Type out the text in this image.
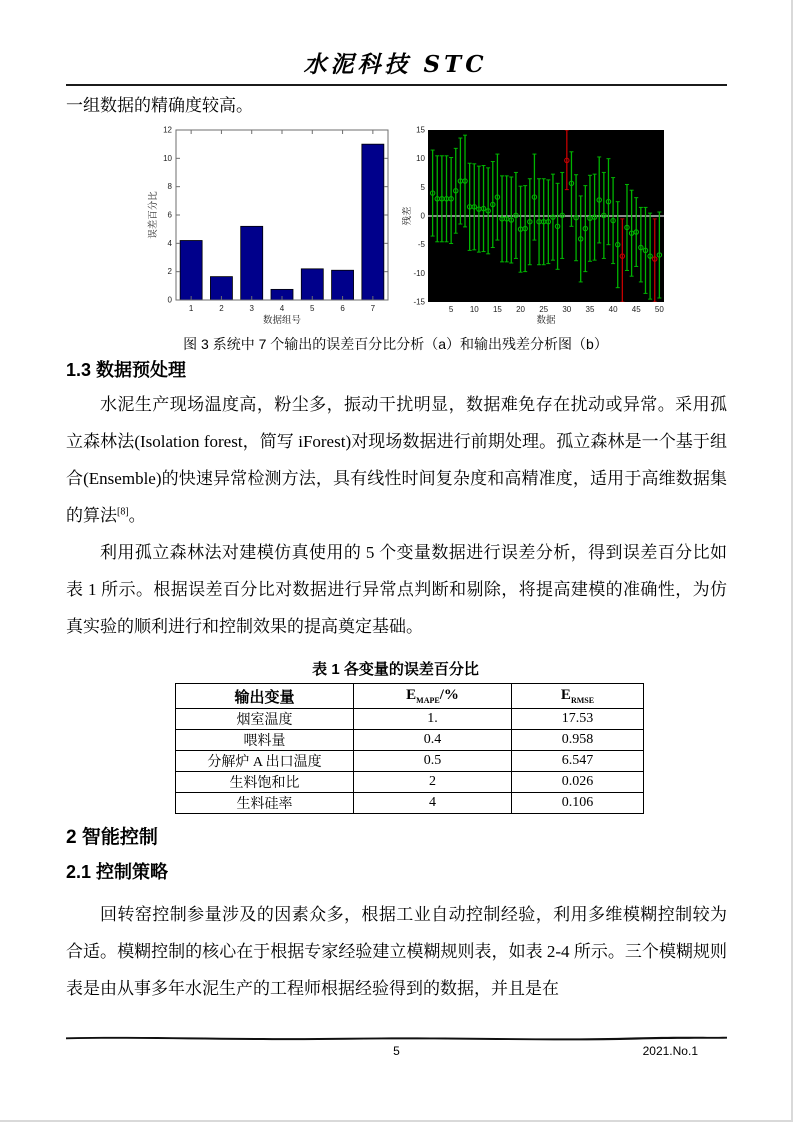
水泥科技 STC
一组数据的精确度较高。
0
2
4
6
8
10
12
1	2	3	4	5	6	7
数据组号
误差百分比
15
10
5
0
-5
-10
-15
5 10 15 20 25 30 35 40 45 50
数据
残差
图 3 系统中 7 个输出的误差百分比分析（a）和输出残差分析图（b）
1.3 数据预处理
水泥生产现场温度高，粉尘多，振动干扰明显，数据难免存在扰动或异常。采用孤立森林法(Isolation forest，简写 iForest)对现场数据进行前期处理。孤立森林是一个基于组合(Ensemble)的快速异常检测方法，具有线性时间复杂度和高精准度，适用于高维数据集的算法[8]。
利用孤立森林法对建模仿真使用的 5 个变量数据进行误差分析，得到误差百分比如表 1 所示。根据误差百分比对数据进行异常点判断和剔除，将提高建模的准确性，为仿真实验的顺利进行和控制效果的提高奠定基础。
表 1 各变量的误差百分比
输出变量	$E_{MAPE}/\%$	$E_{RMSE}$
烟室温度	1.	17.53
喂料量	0.4	0.958
分解炉 A 出口温度	0.5	6.547
生料饱和比	2	0.026
生料硅率	4	0.106
2 智能控制
2.1 控制策略
回转窑控制参量涉及的因素众多，根据工业自动控制经验，利用多维模糊控制较为合适。模糊控制的核心在于根据专家经验建立模糊规则表，如表 2-4 所示。三个模糊规则表是由从事多年水泥生产的工程师根据经验得到的数据，并且是在
5	2021.No.1
